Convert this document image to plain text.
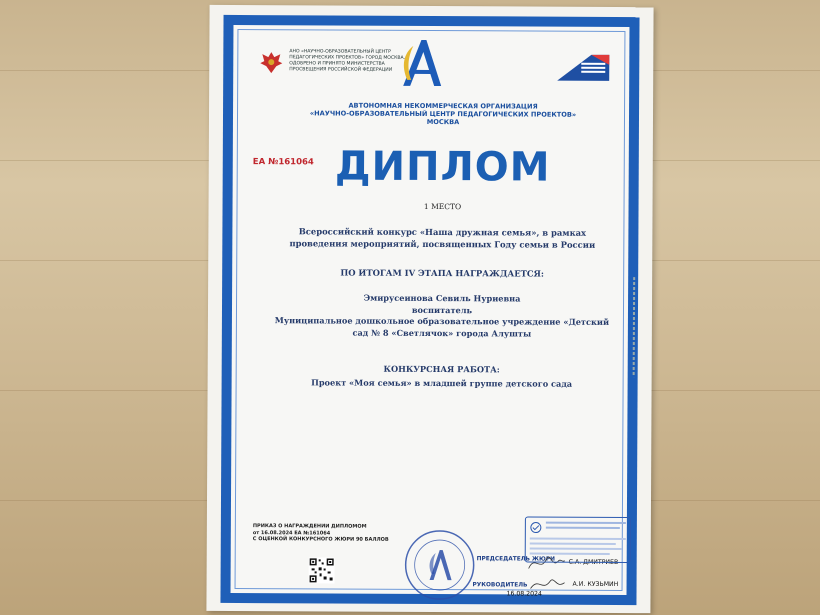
АНО «НАУЧНО-ОБРАЗОВАТЕЛЬНЫЙ ЦЕНТР ПЕДАГОГИЧЕСКИХ ПРОЕКТОВ» ГОРОД МОСКВА. ОДОБРЕНО И ПРИНЯТО МИНИСТЕРСТВА ПРОСВЕЩЕНИЯ РОССИЙСКОЙ ФЕДЕРАЦИИ
АВТОНОМНАЯ НЕКОММЕРЧЕСКАЯ ОРГАНИЗАЦИЯ
«НАУЧНО-ОБРАЗОВАТЕЛЬНЫЙ ЦЕНТР ПЕДАГОГИЧЕСКИХ ПРОЕКТОВ»
МОСКВА
ЕА №161064 ДИПЛОМ
1 МЕСТО
Всероссийский конкурс «Наша дружная семья», в рамках
проведения мероприятий, посвященных Году семьи в России
ПО ИТОГАМ IV ЭТАПА НАГРАЖДАЕТСЯ:
Эмирусеинова Севиль Нуриевна
воспитатель
Муниципальное дошкольное образовательное учреждение «Детский
сад № 8 «Светлячок» города Алушты
КОНКУРСНАЯ РАБОТА:
Проект «Моя семья» в младшей группе детского сада
ПРИКАЗ О НАГРАЖДЕНИИ ДИПЛОМОМ
от 16.08.2024 ЕА №161064
С ОЦЕНКОЙ КОНКУРСНОГО ЖЮРИ 90 БАЛЛОВ
ПРЕДСЕДАТЕЛЬ ЖЮРИ
РУКОВОДИТЕЛЬ
16.08.2024
С.А. ДМИТРИЕВ
А.И. КУЗЬМИН
